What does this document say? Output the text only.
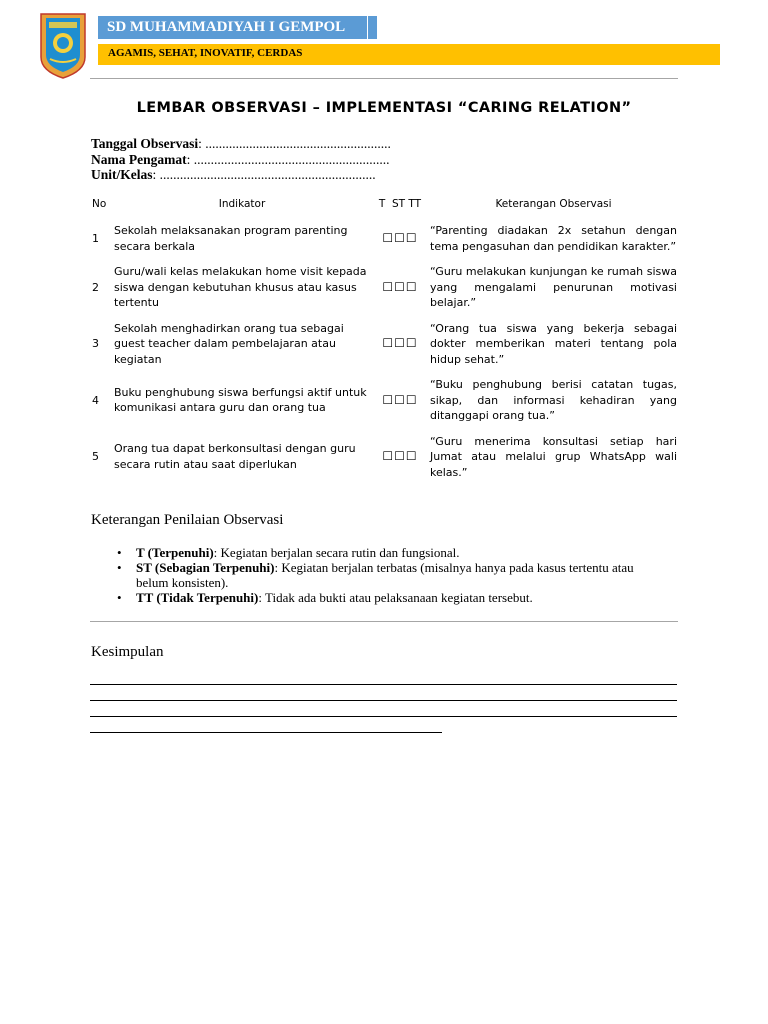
SD MUHAMMADIYAH I GEMPOL
AGAMIS, SEHAT, INOVATIF, CERDAS
LEMBAR OBSERVASI – IMPLEMENTASI “CARING RELATION”
Tanggal Observasi: .......................................................
Nama Pengamat: ..........................................................
Unit/Kelas: ................................................................
No	Indikator	T  ST TT	Keterangan Observasi
1	Sekolah melaksanakan program parenting secara berkala	☐☐☐	“Parenting diadakan 2x setahun dengan tema pengasuhan dan pendidikan karakter.”
2	Guru/wali kelas melakukan home visit kepada siswa dengan kebutuhan khusus atau kasus tertentu	☐☐☐	“Guru melakukan kunjungan ke rumah siswa yang mengalami penurunan motivasi belajar.”
3	Sekolah menghadirkan orang tua sebagai guest teacher dalam pembelajaran atau kegiatan	☐☐☐	“Orang tua siswa yang bekerja sebagai dokter memberikan materi tentang pola hidup sehat.”
4	Buku penghubung siswa berfungsi aktif untuk komunikasi antara guru dan orang tua	☐☐☐	“Buku penghubung berisi catatan tugas, sikap, dan informasi kehadiran yang ditanggapi orang tua.”
5	Orang tua dapat berkonsultasi dengan guru secara rutin atau saat diperlukan	☐☐☐	“Guru menerima konsultasi setiap hari Jumat atau melalui grup WhatsApp wali kelas.”
Keterangan Penilaian Observasi
• T (Terpenuhi): Kegiatan berjalan secara rutin dan fungsional.
• ST (Sebagian Terpenuhi): Kegiatan berjalan terbatas (misalnya hanya pada kasus tertentu atau belum konsisten).
• TT (Tidak Terpenuhi): Tidak ada bukti atau pelaksanaan kegiatan tersebut.
Kesimpulan
